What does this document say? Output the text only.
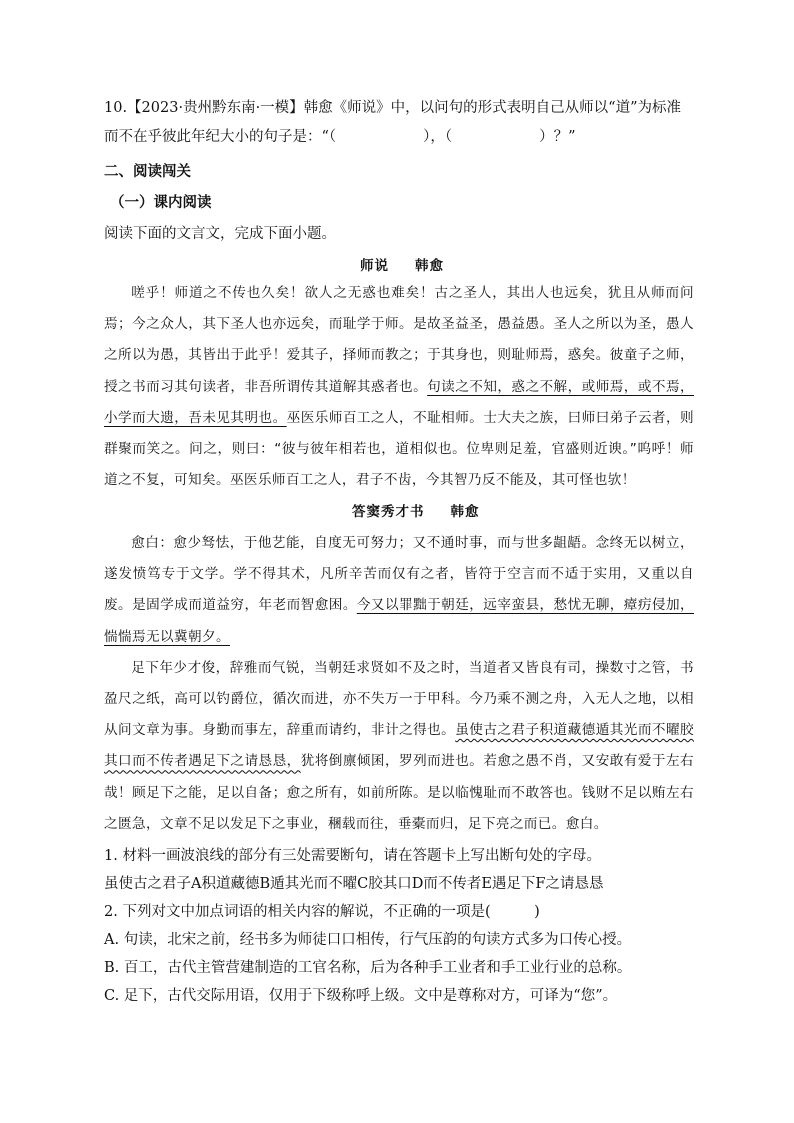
10.【2023·贵州黔东南·一模】韩愈《师说》中，以问句的形式表明自己从师以“道”为标准
而不在乎彼此年纪大小的句子是：“（　　　　　　），（　　　　　　）？”
二、阅读闯关
（一）课内阅读
阅读下面的文言文，完成下面小题。
师说 韩愈

嗟乎！师道之不传也久矣！欲人之无惑也难矣！古之圣人，其出人也远矣，犹且从师而问焉；今之众人，其下圣人也亦远矣，而耻学于师。是故圣益圣，愚益愚。圣人之所以为圣，愚人之所以为愚，其皆出于此乎！爱其子，择师而教之；于其身也，则耻师焉，惑矣。彼童子之师，授之书而习其句读者，非吾所谓传其道解其惑者也。句读之不知，惑之不解，或师焉，或不焉，小学而大遗，吾未见其明也。巫医乐师百工之人，不耻相师。士大夫之族，曰师曰弟子云者，则群聚而笑之。问之，则曰：“彼与彼年相若也，道相似也。位卑则足羞，官盛则近谀。”呜呼！师道之不复，可知矣。巫医乐师百工之人，君子不齿，今其智乃反不能及，其可怪也欤！

答窦秀才书 韩愈

愈白：愈少驽怯，于他艺能，自度无可努力；又不通时事，而与世多龃龉。念终无以树立，遂发愤笃专于文学。学不得其术，凡所辛苦而仅有之者，皆符于空言而不适于实用，又重以自废。是固学成而道益穷，年老而智愈困。今又以罪黜于朝廷，远宰蛮县，愁忧无聊，瘴疠侵加，惴惴焉无以冀朝夕。

足下年少才俊，辞雅而气锐，当朝廷求贤如不及之时，当道者又皆良有司，操数寸之管，书盈尺之纸，高可以钓爵位，循次而进，亦不失万一于甲科。今乃乘不测之舟，入无人之地，以相从问文章为事。身勤而事左，辞重而请约，非计之得也。虽使古之君子积道藏德遁其光而不曜胶其口而不传者遇足下之请恳恳，犹将倒廪倾囷，罗列而进也。若愈之愚不肖，又安敢有爱于左右哉！顾足下之能，足以自备；愈之所有，如前所陈。是以临愧耻而不敢答也。钱财不足以贿左右之匮急，文章不足以发足下之事业，稛载而往，垂橐而归，足下亮之而已。愈白。

1. 材料一画波浪线的部分有三处需要断句，请在答题卡上写出断句处的字母。
虽使古之君子A积道藏德B遁其光而不曜C胶其口D而不传者E遇足下F之请恳恳
2. 下列对文中加点词语的相关内容的解说，不正确的一项是(　　　)
A. 句读，北宋之前，经书多为师徒口口相传，行气压韵的句读方式多为口传心授。
B. 百工，古代主管营建制造的工官名称，后为各种手工业者和手工业行业的总称。
C. 足下，古代交际用语，仅用于下级称呼上级。文中是尊称对方，可译为“您”。
